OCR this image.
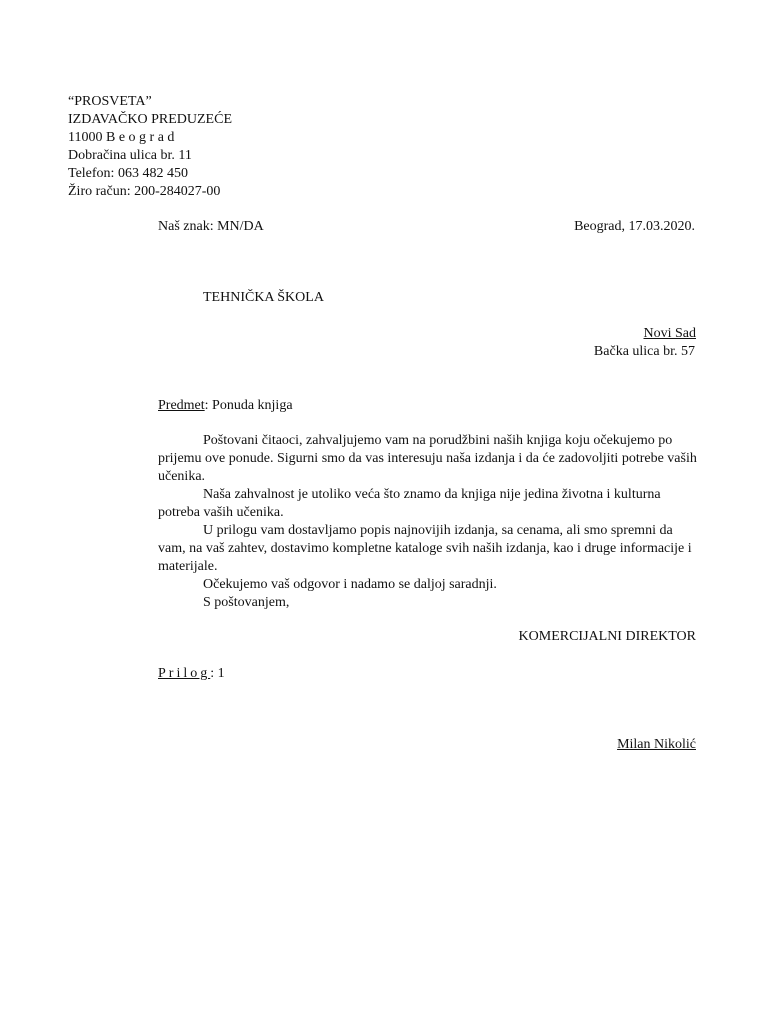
“PROSVETA”
IZDAVAČKO PREDUZEĆE
11000 B e o g r a d
Dobračina ulica br. 11
Telefon: 063 482 450
Žiro račun: 200-284027-00
Naš znak: MN/DA	Beograd, 17.03.2020.
TEHNIČKA ŠKOLA
Novi Sad
Bačka ulica br. 57
Predmet: Ponuda knjiga

Poštovani čitaoci, zahvaljujemo vam na porudžbini naših knjiga koju očekujemo po prijemu ove ponude. Sigurni smo da vas interesuju naša izdanja i da će zadovoljiti potrebe vaših učenika.

Naša zahvalnost je utoliko veća što znamo da knjiga nije jedina životna i kulturna potreba vaših učenika.

U prilogu vam dostavljamo popis najnovijih izdanja, sa cenama, ali smo spremni da vam, na vaš zahtev, dostavimo kompletne kataloge svih naših izdanja, kao i druge informacije i materijale.

Očekujemo vaš odgovor i nadamo se daljoj saradnji.

S poštovanjem,

KOMERCIJALNI DIREKTOR
Prilog: 1
Milan Nikolić
